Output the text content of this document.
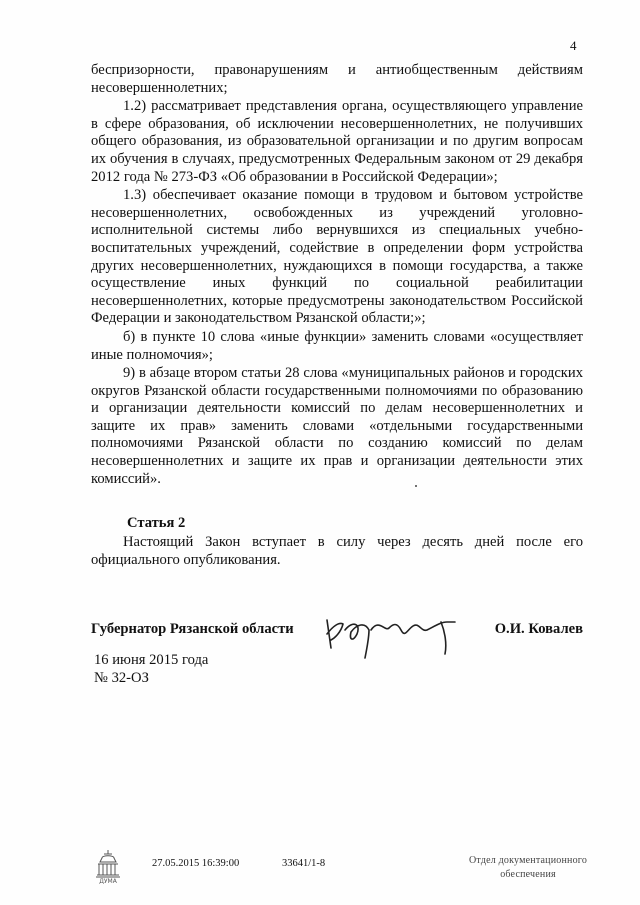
4

беспризорности, правонарушениям и антиобщественным действиям несовершеннолетних;

1.2) рассматривает представления органа, осуществляющего управление в сфере образования, об исключении несовершеннолетних, не получивших общего образования, из образовательной организации и по другим вопросам их обучения в случаях, предусмотренных Федеральным законом от 29 декабря 2012 года № 273-ФЗ «Об образовании в Российской Федерации»;

1.3) обеспечивает оказание помощи в трудовом и бытовом устройстве несовершеннолетних, освобожденных из учреждений уголовно-исполнительной системы либо вернувшихся из специальных учебно-воспитательных учреждений, содействие в определении форм устройства других несовершеннолетних, нуждающихся в помощи государства, а также осуществление иных функций по социальной реабилитации несовершеннолетних, которые предусмотрены законодательством Российской Федерации и законодательством Рязанской области;»;

б) в пункте 10 слова «иные функции» заменить словами «осуществляет иные полномочия»;

9) в абзаце втором статьи 28 слова «муниципальных районов и городских округов Рязанской области государственными полномочиями по образованию и организации деятельности комиссий по делам несовершеннолетних и защите их прав» заменить словами «отдельными государственными полномочиями Рязанской области по созданию комиссий по делам несовершеннолетних и защите их прав и организации деятельности этих комиссий».

Статья 2

Настоящий Закон вступает в силу через десять дней после его официального опубликования.

Губернатор Рязанской области	О.И. Ковалев
16 июня 2015 года
№ 32-ОЗ
ДУМА
27.05.2015 16:39:00	33641/1-8	Отдел документационного
обеспечения
